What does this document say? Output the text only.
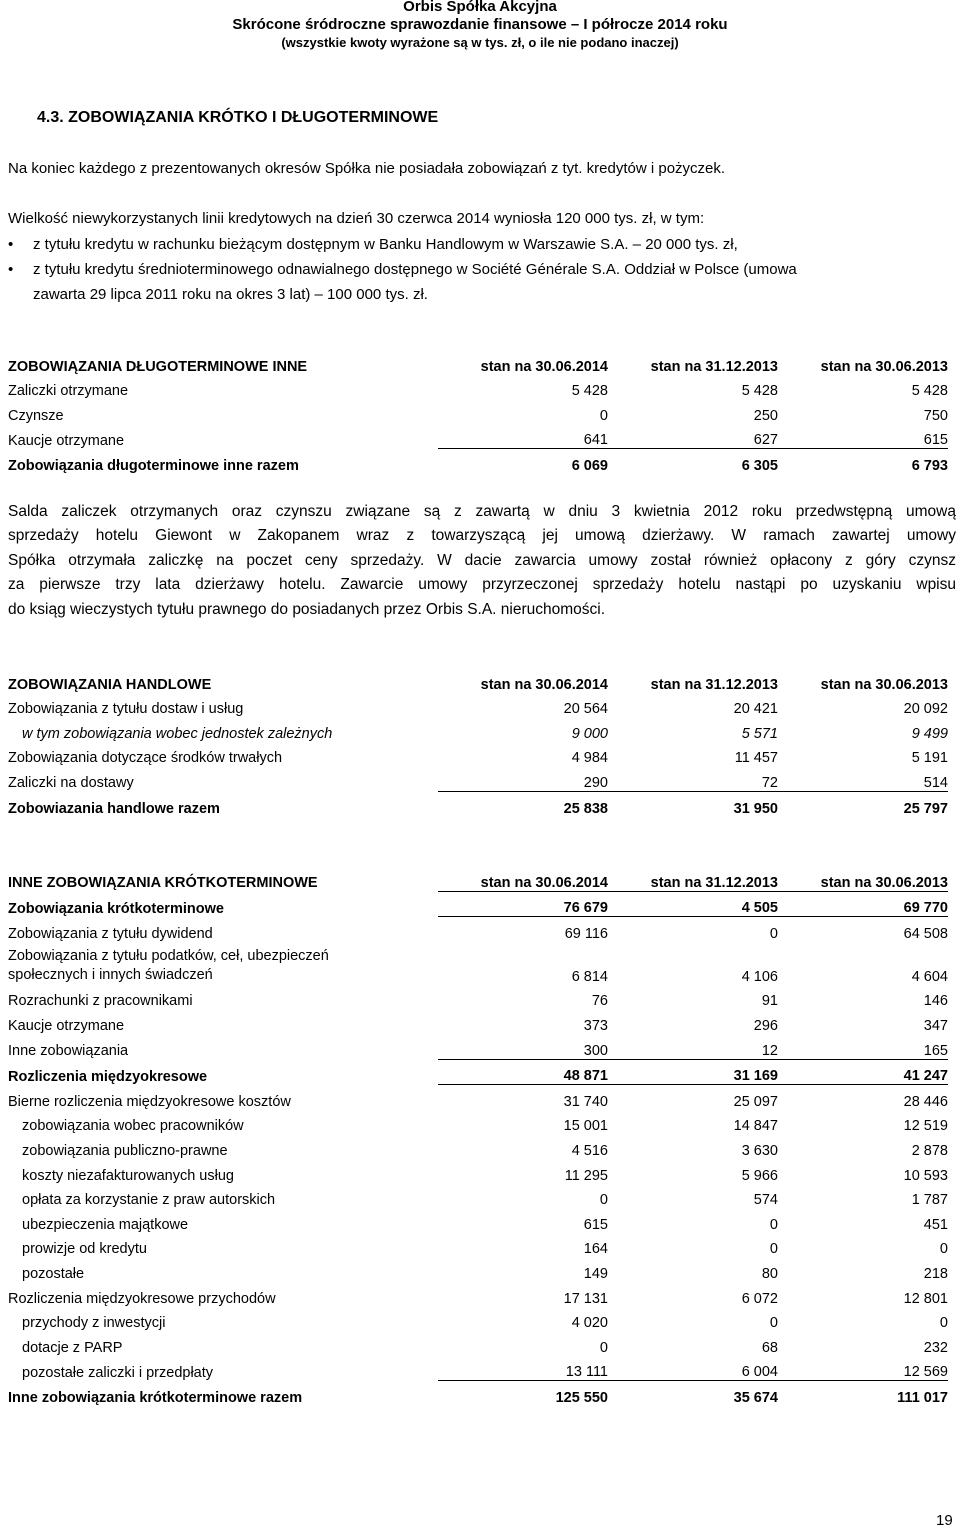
Orbis Spółka Akcyjna
Skrócone śródroczne sprawozdanie finansowe – I półrocze 2014 roku
(wszystkie kwoty wyrażone są w tys. zł, o ile nie podano inaczej)
4.3. ZOBOWIĄZANIA KRÓTKO I DŁUGOTERMINOWE
Na koniec każdego z prezentowanych okresów Spółka nie posiadała zobowiązań z tyt. kredytów i pożyczek.
Wielkość niewykorzystanych linii kredytowych na dzień 30 czerwca 2014 wyniosła 120 000 tys. zł, w tym:
• z tytułu kredytu w rachunku bieżącym dostępnym w Banku Handlowym w Warszawie S.A. – 20 000 tys. zł,
• z tytułu kredytu średnioterminowego odnawialnego dostępnego w Société Générale S.A. Oddział w Polsce (umowa
zawarta 29 lipca 2011 roku na okres 3 lat) – 100 000 tys. zł.
ZOBOWIĄZANIA DŁUGOTERMINOWE INNE	stan na 30.06.2014	stan na 31.12.2013	stan na 30.06.2013
Zaliczki otrzymane	5 428	5 428	5 428
Czynsze	0	250	750
Kaucje otrzymane	641	627	615
Zobowiązania długoterminowe inne razem	6 069	6 305	6 793

Salda zaliczek otrzymanych oraz czynszu związane są z zawartą w dniu 3 kwietnia 2012 roku przedwstępną umową

sprzedaży hotelu Giewont w Zakopanem wraz z towarzyszącą jej umową dzierżawy. W ramach zawartej umowy

Spółka otrzymała zaliczkę na poczet ceny sprzedaży. W dacie zawarcia umowy został również opłacony z góry czynsz

za pierwsze trzy lata dzierżawy hotelu. Zawarcie umowy przyrzeczonej sprzedaży hotelu nastąpi po uzyskaniu wpisu

do ksiąg wieczystych tytułu prawnego do posiadanych przez Orbis S.A. nieruchomości.

ZOBOWIĄZANIA HANDLOWE	stan na 30.06.2014	stan na 31.12.2013	stan na 30.06.2013
Zobowiązania z tytułu dostaw i usług	20 564	20 421	20 092
w tym zobowiązania wobec jednostek zależnych	9 000	5 571	9 499
Zobowiązania dotyczące środków trwałych	4 984	11 457	5 191
Zaliczki na dostawy	290	72	514
Zobowiazania handlowe razem	25 838	31 950	25 797
INNE ZOBOWIĄZANIA KRÓTKOTERMINOWE	stan na 30.06.2014	stan na 31.12.2013	stan na 30.06.2013
Zobowiązania krótkoterminowe	76 679	4 505	69 770
Zobowiązania z tytułu dywidend	69 116	0	64 508

Zobowiązania z tytułu podatków, ceł, ubezpieczeń
społecznych i innych świadczeń	6 814	4 106	4 604
Rozrachunki z pracownikami	76	91	146
Kaucje otrzymane	373	296	347
Inne zobowiązania	300	12	165
Rozliczenia międzyokresowe	48 871	31 169	41 247
Bierne rozliczenia międzyokresowe kosztów	31 740	25 097	28 446
zobowiązania wobec pracowników	15 001	14 847	12 519
zobowiązania publiczno-prawne	4 516	3 630	2 878
koszty niezafakturowanych usług	11 295	5 966	10 593
opłata za korzystanie z praw autorskich	0	574	1 787
ubezpieczenia majątkowe	615	0	451
prowizje od kredytu	164	0	0
pozostałe	149	80	218
Rozliczenia międzyokresowe przychodów	17 131	6 072	12 801
przychody z inwestycji	4 020	0	0
dotacje z PARP	0	68	232
pozostałe zaliczki i przedpłaty	13 111	6 004	12 569
Inne zobowiązania krótkoterminowe razem	125 550	35 674	111 017
19
